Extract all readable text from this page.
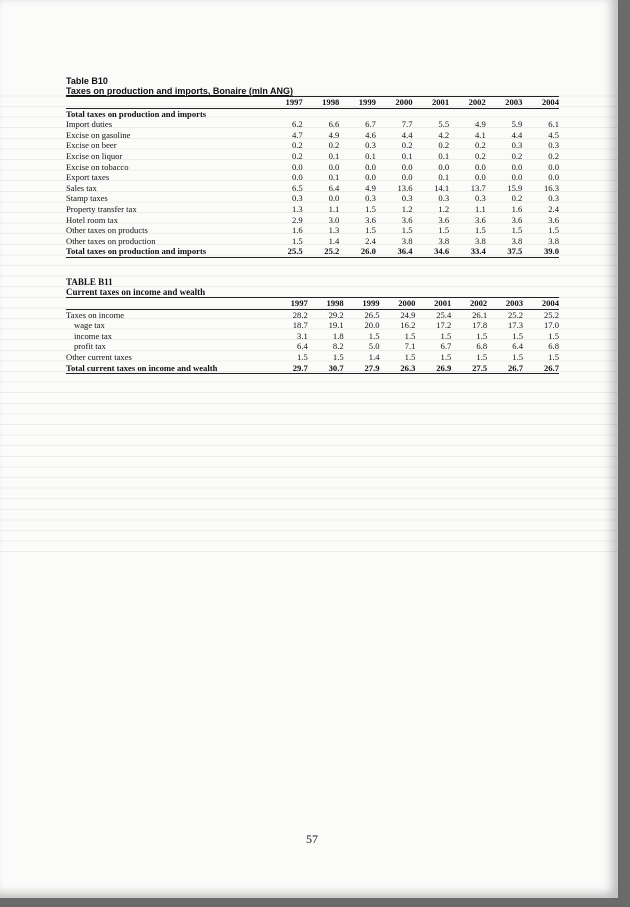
Table B10
Taxes on production and imports, Bonaire (mln ANG)
	1997	1998	1999	2000	2001	2002	2003	2004
Total taxes on production and imports								
Import duties	6.2	6.6	6.7	7.7	5.5	4.9	5.9	6.1
Excise on gasoline	4.7	4.9	4.6	4.4	4.2	4.1	4.4	4.5
Excise on beer	0.2	0.2	0.3	0.2	0.2	0.2	0.3	0.3
Excise on liquor	0.2	0.1	0.1	0.1	0.1	0.2	0.2	0.2
Excise on tobacco	0.0	0.0	0.0	0.0	0.0	0.0	0.0	0.0
Export taxes	0.0	0.1	0.0	0.0	0.1	0.0	0.0	0.0
Sales tax	6.5	6.4	4.9	13.6	14.1	13.7	15.9	16.3
Stamp taxes	0.3	0.0	0.3	0.3	0.3	0.3	0.2	0.3
Property transfer tax	1.3	1.1	1.5	1.2	1.2	1.1	1.6	2.4
Hotel room tax	2.9	3.0	3.6	3.6	3.6	3.6	3.6	3.6
Other taxes on products	1.6	1.3	1.5	1.5	1.5	1.5	1.5	1.5
Other taxes on production	1.5	1.4	2.4	3.8	3.8	3.8	3.8	3.8
Total taxes on production and imports	25.5	25.2	26.0	36.4	34.6	33.4	37.5	39.0
TABLE B11
Current taxes on income and wealth
	1997	1998	1999	2000	2001	2002	2003	2004
Taxes on income	28.2	29.2	26.5	24.9	25.4	26.1	25.2	25.2
wage tax	18.7	19.1	20.0	16.2	17.2	17.8	17.3	17.0
income tax	3.1	1.8	1.5	1.5	1.5	1.5	1.5	1.5
profit tax	6.4	8.2	5.0	7.1	6.7	6.8	6.4	6.8
Other current taxes	1.5	1.5	1.4	1.5	1.5	1.5	1.5	1.5
Total current taxes on income and wealth	29.7	30.7	27.9	26.3	26.9	27.5	26.7	26.7
57
